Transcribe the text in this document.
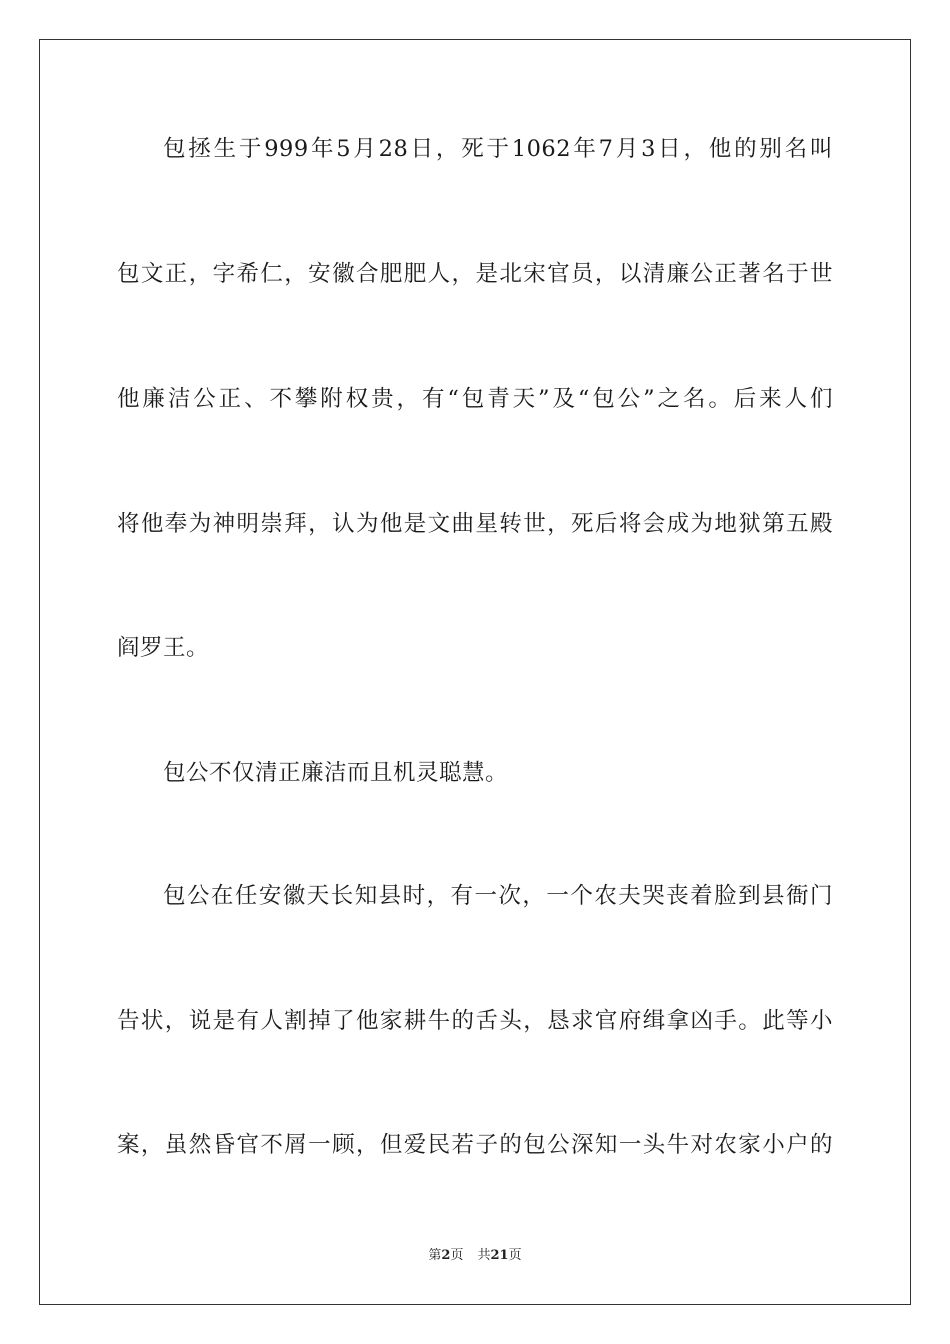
包拯生于999年5月28日，死于1062年7月3日，他的别名叫
包文正，字希仁，安徽合肥肥人，是北宋官员，以清廉公正著名于世
他廉洁公正、不攀附权贵，有“包青天”及“包公”之名。后来人们
将他奉为神明崇拜，认为他是文曲星转世，死后将会成为地狱第五殿
阎罗王。
包公不仅清正廉洁而且机灵聪慧。
包公在任安徽天长知县时，有一次，一个农夫哭丧着脸到县衙门
告状，说是有人割掉了他家耕牛的舌头，恳求官府缉拿凶手。此等小
案，虽然昏官不屑一顾，但爱民若子的包公深知一头牛对农家小户的
第2页 共21页
